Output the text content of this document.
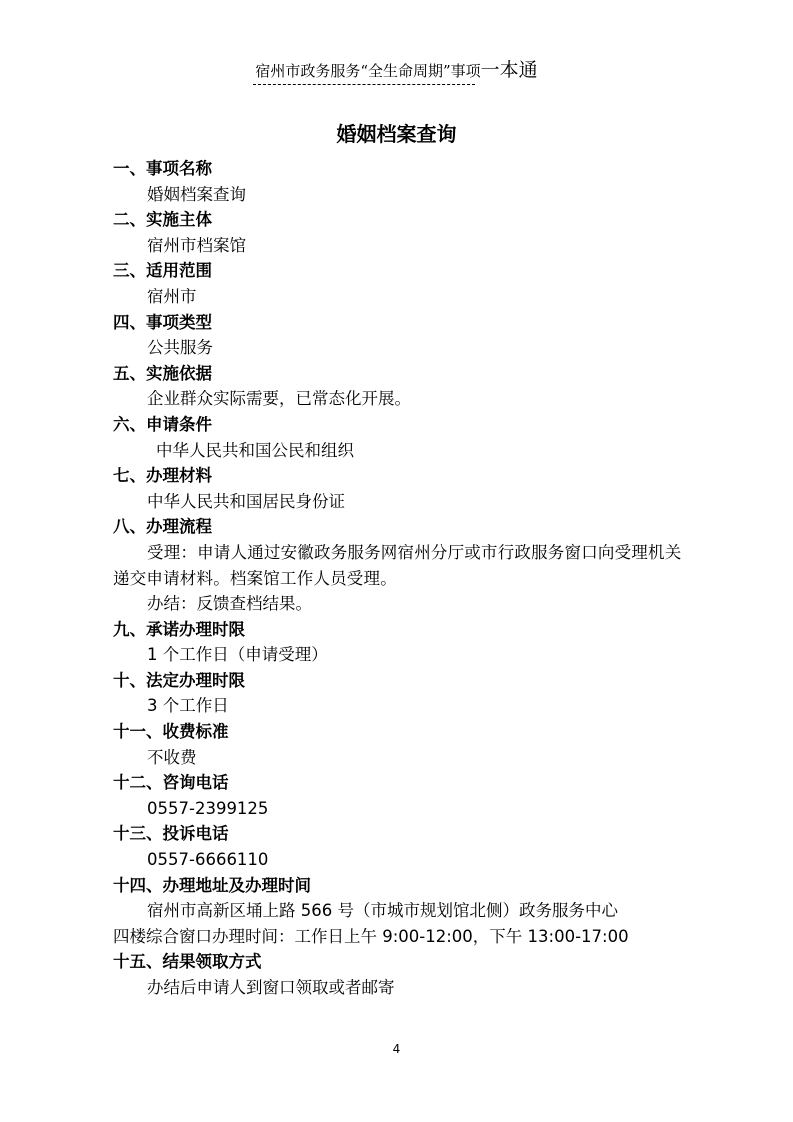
宿州市政务服务“全生命周期”事项一本通
婚姻档案查询
一、事项名称
婚姻档案查询
二、实施主体
宿州市档案馆
三、适用范围
宿州市
四、事项类型
公共服务
五、实施依据
企业群众实际需要，已常态化开展。
六、申请条件
中华人民共和国公民和组织
七、办理材料
中华人民共和国居民身份证
八、办理流程
受理：申请人通过安徽政务服务网宿州分厅或市行政服务窗口向受理机关递交申请材料。档案馆工作人员受理。
办结：反馈查档结果。
九、承诺办理时限
1 个工作日（申请受理）
十、法定办理时限
3 个工作日
十一、收费标准
不收费
十二、咨询电话
0557-2399125
十三、投诉电话
0557-6666110
十四、办理地址及办理时间
宿州市高新区埇上路 566 号（市城市规划馆北侧）政务服务中心
四楼综合窗口办理时间：工作日上午 9:00-12:00，下午 13:00-17:00
十五、结果领取方式
办结后申请人到窗口领取或者邮寄
4
